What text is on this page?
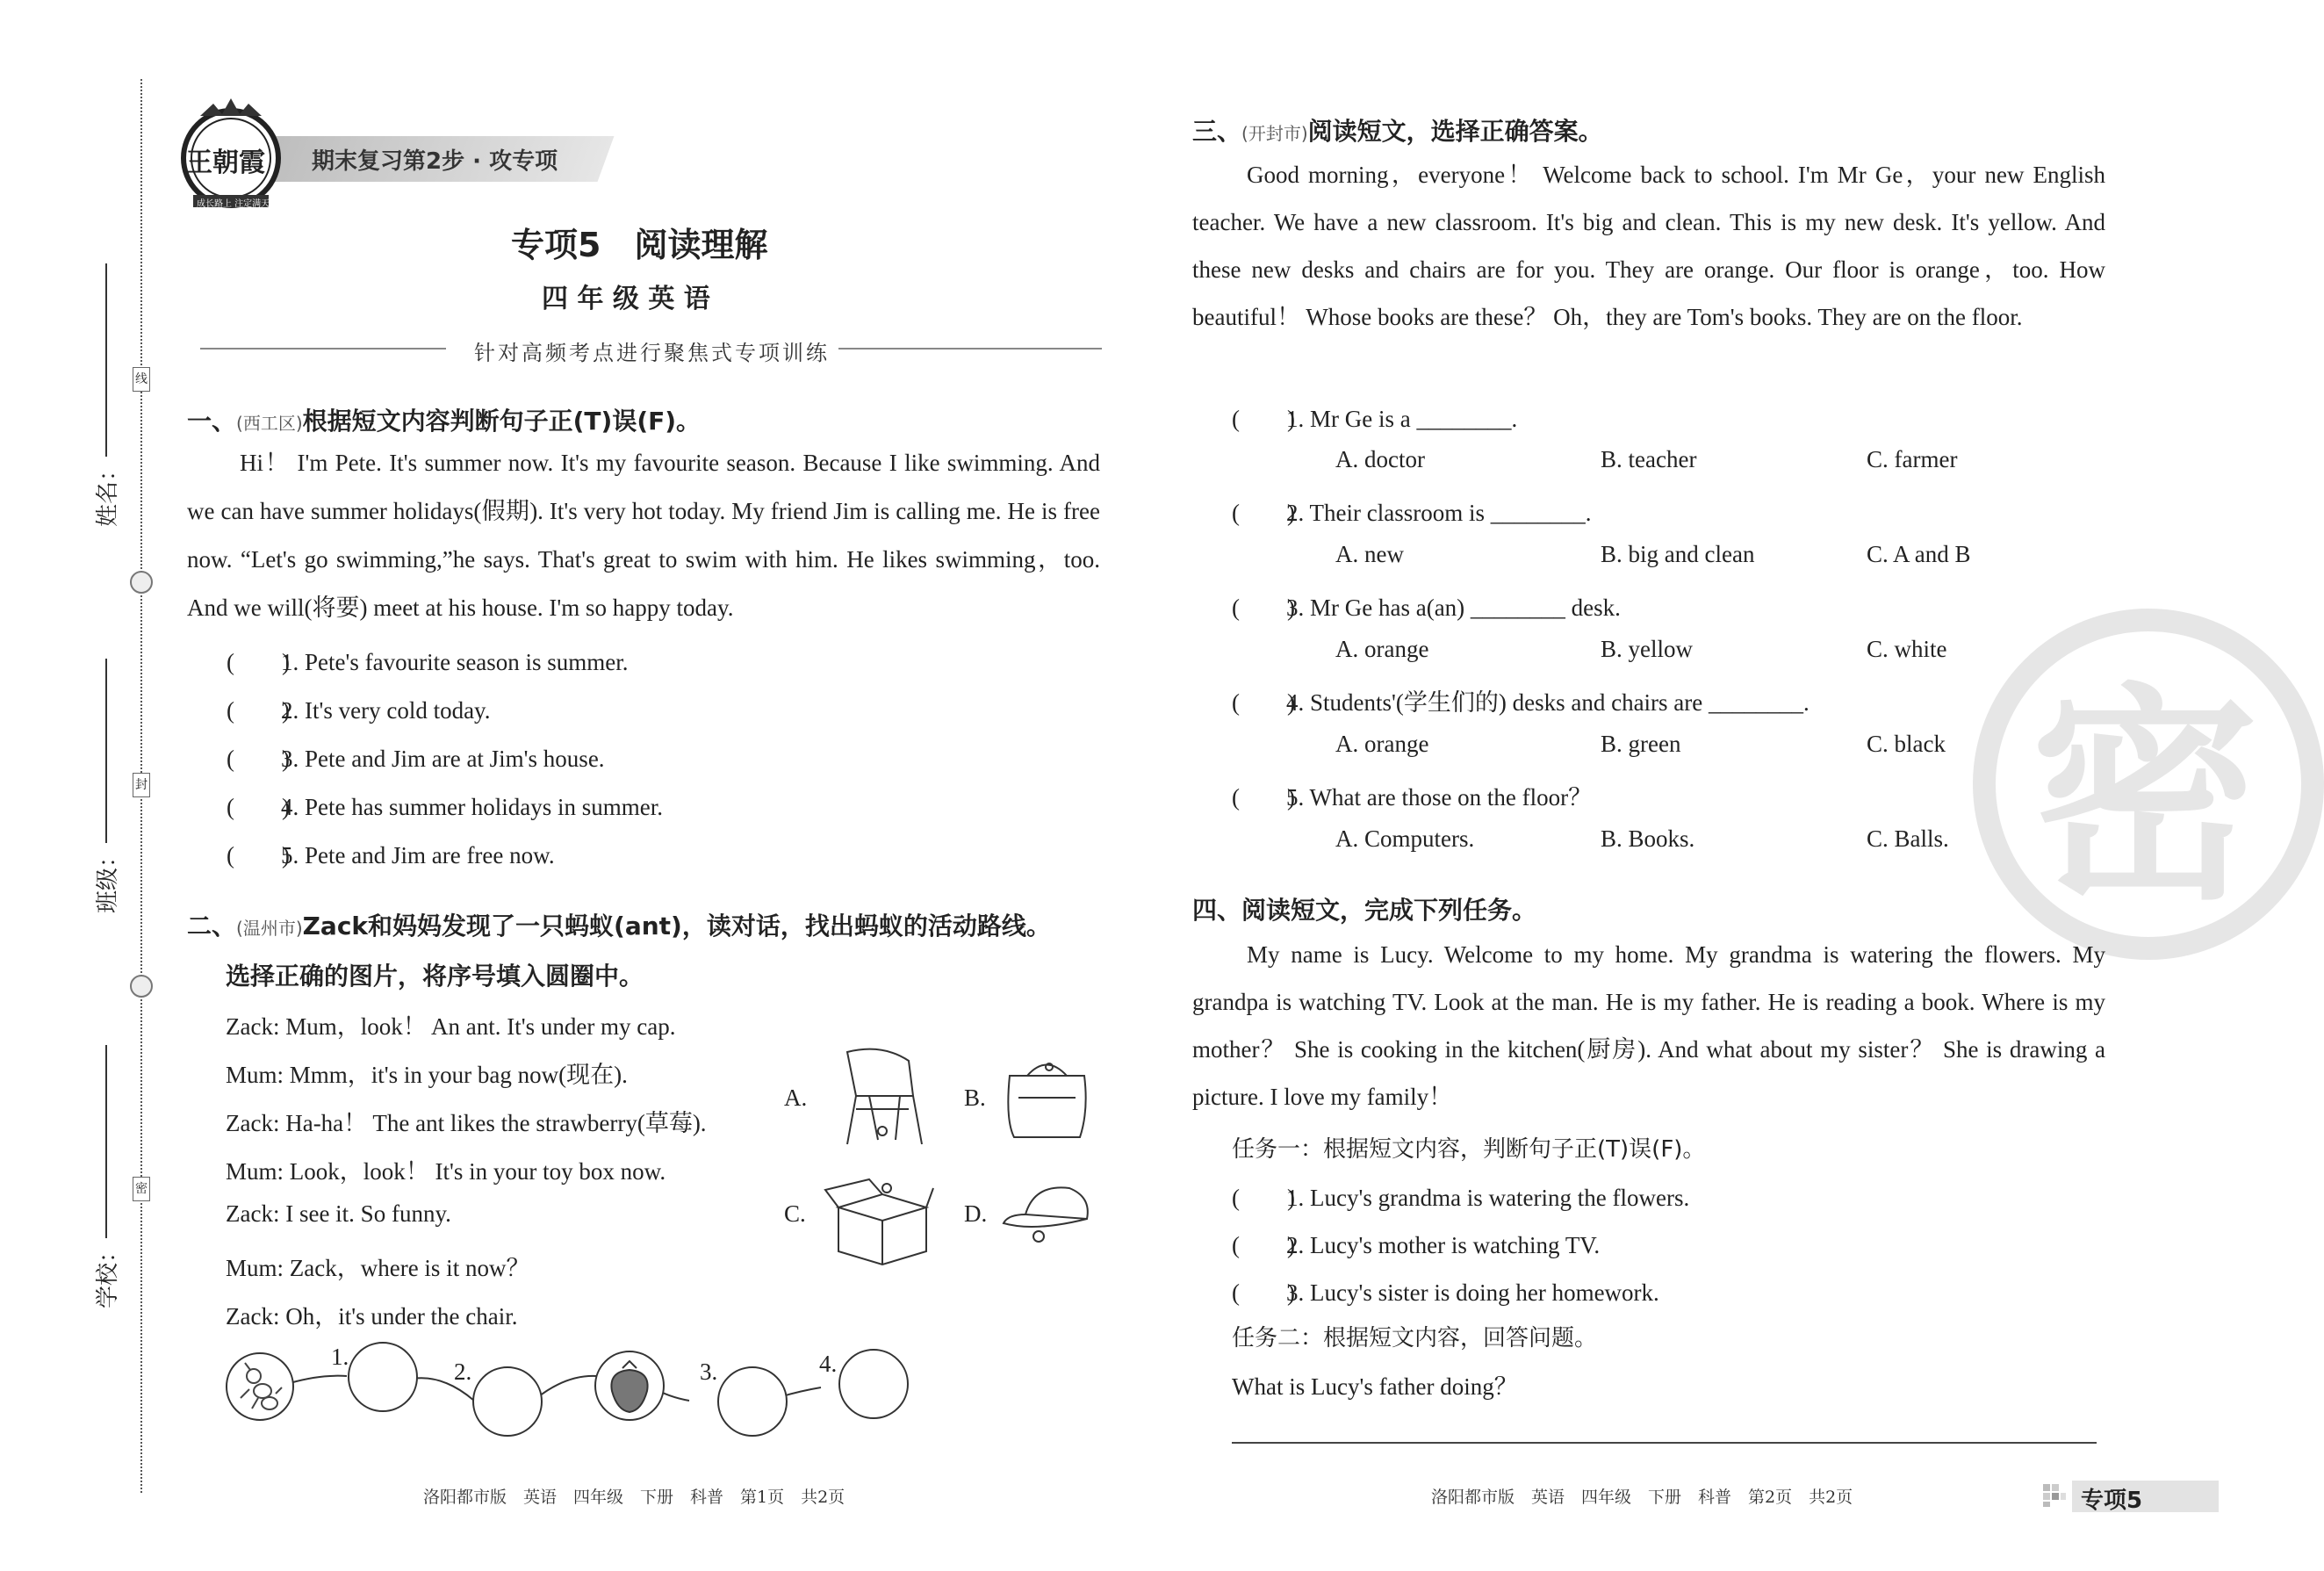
线
封
密
姓名：
班级：
学校：
期末复习第2步 · 攻专项
王朝霞
成长路上 注定满天
专项5　阅读理解
四 年 级 英 语
针对高频考点进行聚焦式专项训练
一、(西工区)根据短文内容判断句子正(T)误(F)。
Hi！ I'm Pete. It's summer now. It's my favourite season. Because I like swimming. And we can have summer holidays(假期). It's very hot today. My friend Jim is calling me. He is free now. “Let's go swimming,”he says. That's great to swim with him. He likes swimming，too. And we will(将要) meet at his house. I'm so happy today.
(　　)1. Pete's favourite season is summer.
(　　)2. It's very cold today.
(　　)3. Pete and Jim are at Jim's house.
(　　)4. Pete has summer holidays in summer.
(　　)5. Pete and Jim are free now.
二、(温州市)Zack和妈妈发现了一只蚂蚁(ant)，读对话，找出蚂蚁的活动路线。
选择正确的图片，将序号填入圆圈中。
Zack: Mum，look！ An ant. It's under my cap.
Mum: Mmm，it's in your bag now(现在).
Zack: Ha-ha！ The ant likes the strawberry(草莓).
Mum: Look，look！ It's in your toy box now.
Zack: I see it. So funny.
Mum: Zack，where is it now？
Zack: Oh，it's under the chair.
A.	B.
C.	D.
1.
2.	3.	4.
洛阳都市版　英语　四年级　下册　科普　第1页　共2页
密
三、(开封市)阅读短文，选择正确答案。
Good morning，everyone！ Welcome back to school. I'm Mr Ge，your new English teacher. We have a new classroom. It's big and clean. This is my new desk. It's yellow. And these new desks and chairs are for you. They are orange. Our floor is orange，too. How beautiful！ Whose books are these？ Oh，they are Tom's books. They are on the floor.
(　　)1. Mr Ge is a ________.
A. doctor	B. teacher	C. farmer
(　　)2. Their classroom is ________.
A. new	B. big and clean	C. A and B
(　　)3. Mr Ge has a(an) ________ desk.
A. orange	B. yellow	C. white
(　　)4. Students'(学生们的) desks and chairs are ________.
A. orange	B. green	C. black
(　　)5. What are those on the floor？
A. Computers.	B. Books.	C. Balls.
四、阅读短文，完成下列任务。
My name is Lucy. Welcome to my home. My grandma is watering the flowers. My grandpa is watching TV. Look at the man. He is my father. He is reading a book. Where is my mother？ She is cooking in the kitchen(厨房). And what about my sister？ She is drawing a picture. I love my family！
任务一：根据短文内容，判断句子正(T)误(F)。
(　　)1. Lucy's grandma is watering the flowers.
(　　)2. Lucy's mother is watching TV.
(　　)3. Lucy's sister is doing her homework.
任务二：根据短文内容，回答问题。
What is Lucy's father doing？
洛阳都市版　英语　四年级　下册　科普　第2页　共2页	专项5
